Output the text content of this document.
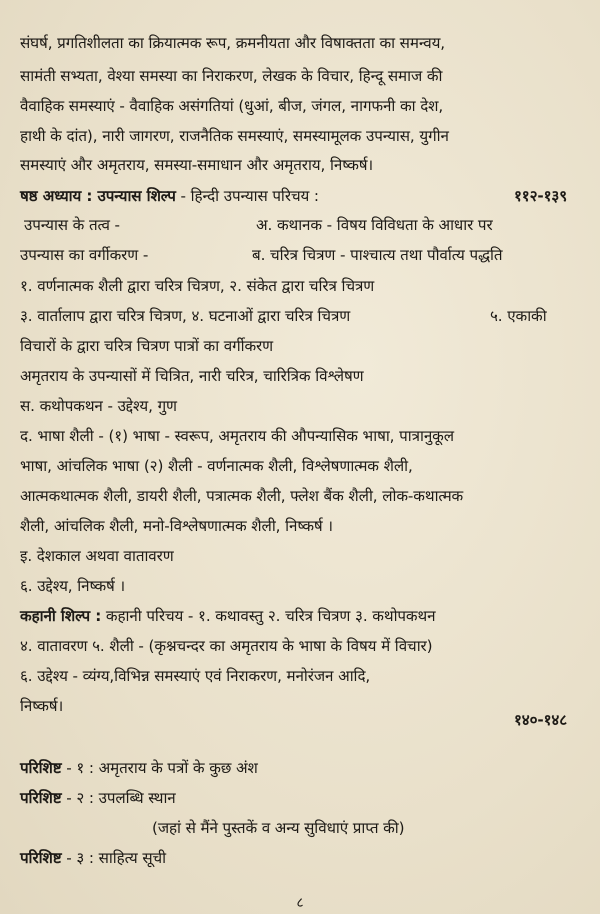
संघर्ष, प्रगतिशीलता का क्रियात्मक रूप, क्रमनीयता और विषाक्तता का समन्वय,
सामंती सभ्यता, वेश्या समस्या का निराकरण, लेखक के विचार, हिन्दू समाज की
वैवाहिक समस्याएं - वैवाहिक असंगतियां (धुआं, बीज, जंगल, नागफनी का देश,
हाथी के दांत), नारी जागरण, राजनैतिक समस्याएं, समस्यामूलक उपन्यास, युगीन
समस्याएं और अमृतराय, समस्या-समाधान और अमृतराय, निष्कर्ष।
षष्ठ अध्याय : उपन्यास शिल्प - हिन्दी उपन्यास परिचय :	११२-१३९
उपन्यास के तत्व -	अ. कथानक - विषय विविधता के आधार पर
उपन्यास का वर्गीकरण -	ब. चरित्र चित्रण - पाश्चात्य तथा पौर्वात्य पद्धति
१. वर्णनात्मक शैली द्वारा चरित्र चित्रण, २. संकेत द्वारा चरित्र चित्रण
३. वार्तालाप द्वारा चरित्र चित्रण, ४. घटनाओं द्वारा चरित्र चित्रण	५. एकाकी
विचारों के द्वारा चरित्र चित्रण पात्रों का वर्गीकरण
अमृतराय के उपन्यासों में चित्रित, नारी चरित्र, चारित्रिक विश्लेषण
स. कथोपकथन - उद्देश्य, गुण
द. भाषा शैली - (१) भाषा - स्वरूप, अमृतराय की औपन्यासिक भाषा, पात्रानुकूल
भाषा, आंचलिक भाषा (२) शैली - वर्णनात्मक शैली, विश्लेषणात्मक शैली,
आत्मकथात्मक शैली, डायरी शैली, पत्रात्मक शैली, फ्लेश बैंक शैली, लोक-कथात्मक
शैली, आंचलिक शैली, मनो-विश्लेषणात्मक शैली, निष्कर्ष ।
इ. देशकाल अथवा वातावरण
६. उद्देश्य, निष्कर्ष ।
कहानी शिल्प : कहानी परिचय - १. कथावस्तु २. चरित्र चित्रण ३. कथोपकथन
४. वातावरण ५. शैली - (कृश्नचन्दर का अमृतराय के भाषा के विषय में विचार)
६. उद्देश्य - व्यंग्य,विभिन्न समस्याएं एवं निराकरण, मनोरंजन आदि,
निष्कर्ष।
१४०-१४८
परिशिष्ट - १ : अमृतराय के पत्रों के कुछ अंश
परिशिष्ट - २ : उपलब्धि स्थान
(जहां से मैंने पुस्तकें व अन्य सुविधाएं प्राप्त की)
परिशिष्ट - ३ : साहित्य सूची
८
